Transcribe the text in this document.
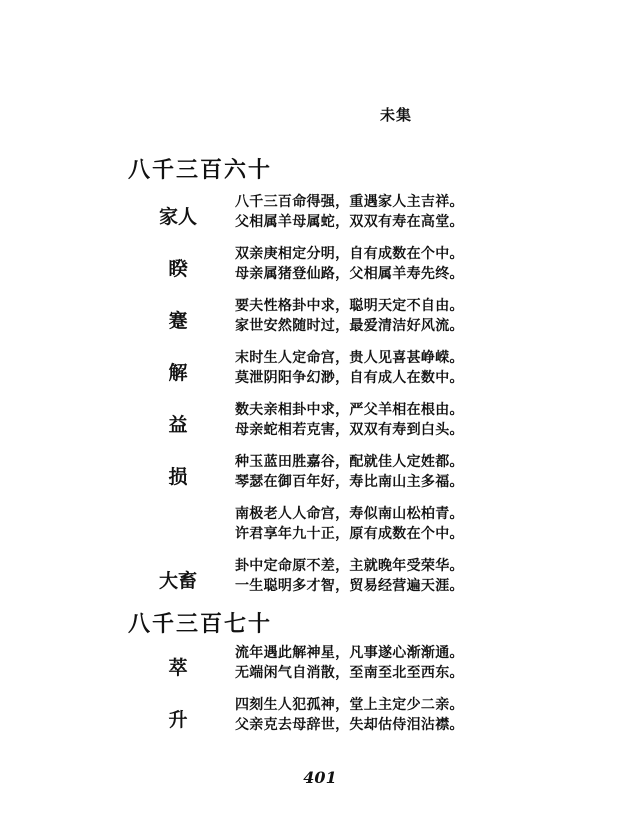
未集
八千三百六十
家人
八千三百命得强，重遇家人主吉祥。
父相属羊母属蛇，双双有寿在高堂。
睽
双亲庚相定分明，自有成数在个中。
母亲属猪登仙路，父相属羊寿先终。
蹇
要夫性格卦中求，聪明天定不自由。
家世安然随时过，最爱清洁好风流。
解
末时生人定命宫，贵人见喜甚峥嵘。
莫泄阴阳争幻渺，自有成人在数中。
益
数夫亲相卦中求，严父羊相在根由。
母亲蛇相若克害，双双有寿到白头。
损
种玉蓝田胜嘉谷，配就佳人定姓都。
琴瑟在御百年好，寿比南山主多福。
南极老人人命宫，寿似南山松柏青。
许君享年九十正，原有成数在个中。
大畜
卦中定命原不差，主就晚年受荣华。
一生聪明多才智，贸易经营遍天涯。
八千三百七十
萃
流年遇此解神星，凡事遂心渐渐通。
无端闲气自消散，至南至北至西东。
升
四刻生人犯孤神，堂上主定少二亲。
父亲克去母辞世，失却估侍泪沾襟。
401
